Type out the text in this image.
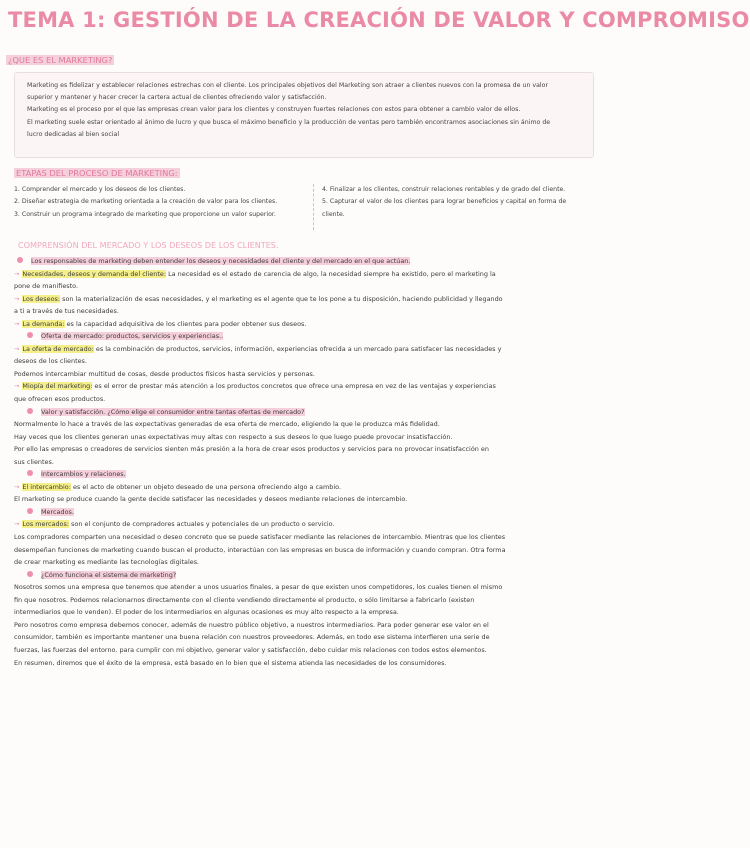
TEMA 1: GESTIÓN DE LA CREACIÓN DE VALOR Y COMPROMISO
¿QUE ES EL MARKETING?

Marketing es fidelizar y establecer relaciones estrechas con el cliente. Los principales objetivos del Marketing son atraer a clientes nuevos con la promesa de un valor

superior y mantener y hacer crecer la cartera actual de clientes ofreciendo valor y satisfacción.

Marketing es el proceso por el que las empresas crean valor para los clientes y construyen fuertes relaciones con estos para obtener a cambio valor de ellos.

El marketing suele estar orientado al ánimo de lucro y que busca el máximo beneficio y la producción de ventas pero también encontramos asociaciones sin ánimo de

lucro dedicadas al bien social

ETAPAS DEL PROCESO DE MARKETING:
1. Comprender el mercado y los deseos de los clientes.
2. Diseñar estrategia de marketing orientada a la creación de valor para los clientes.
3. Construir un programa integrado de marketing que proporcione un valor superior.
4. Finalizar a los clientes, construir relaciones rentables y de grado del cliente.
5. Capturar el valor de los clientes para lograr beneficios y capital en forma de
cliente.
COMPRENSIÓN DEL MERCADO Y LOS DESEOS DE LOS CLIENTES.
Los responsables de marketing deben entender los deseos y necesidades del cliente y del mercado en el que actúan.
→ Necesidades, deseos y demanda del cliente: La necesidad es el estado de carencia de algo, la necesidad siempre ha existido, pero el marketing la
pone de manifiesto.
→ Los deseos: son la materialización de esas necesidades, y el marketing es el agente que te los pone a tu disposición, haciendo publicidad y llegando
a ti a través de tus necesidades.
→ La demanda: es la capacidad adquisitiva de los clientes para poder obtener sus deseos.
Oferta de mercado: productos, servicios y experiencias..
→ La oferta de mercado: es la combinación de productos, servicios, información, experiencias ofrecida a un mercado para satisfacer las necesidades y
deseos de los clientes.
Podemos intercambiar multitud de cosas, desde productos físicos hasta servicios y personas.
→ Miopía del marketing: es el error de prestar más atención a los productos concretos que ofrece una empresa en vez de las ventajas y experiencias
que ofrecen esos productos.
Valor y satisfacción. ¿Cómo elige el consumidor entre tantas ofertas de mercado?
Normalmente lo hace a través de las expectativas generadas de esa oferta de mercado, eligiendo la que le produzca más fidelidad.
Hay veces que los clientes generan unas expectativas muy altas con respecto a sus deseos lo que luego puede provocar insatisfacción.
Por ello las empresas o creadores de servicios sienten más presión a la hora de crear esos productos y servicios para no provocar insatisfacción en
sus clientes.
Intercambios y relaciones.
→ El intercambio: es el acto de obtener un objeto deseado de una persona ofreciendo algo a cambio.
El marketing se produce cuando la gente decide satisfacer las necesidades y deseos mediante relaciones de intercambio.
Mercados.
→ Los mercados: son el conjunto de compradores actuales y potenciales de un producto o servicio.
Los compradores comparten una necesidad o deseo concreto que se puede satisfacer mediante las relaciones de intercambio. Mientras que los clientes
desempeñan funciones de marketing cuando buscan el producto, interactúan con las empresas en busca de información y cuando compran. Otra forma
de crear marketing es mediante las tecnologías digitales.
¿Cómo funciona el sistema de marketing?
Nosotros somos una empresa que tenemos que atender a unos usuarios finales, a pesar de que existen unos competidores, los cuales tienen el mismo
fin que nosotros. Podemos relacionarnos directamente con el cliente vendiendo directamente el producto, o sólo limitarse a fabricarlo (existen
intermediarios que lo venden). El poder de los intermediarios en algunas ocasiones es muy alto respecto a la empresa.
Pero nosotros como empresa debemos conocer, además de nuestro público objetivo, a nuestros intermediarios. Para poder generar ese valor en el
consumidor, también es importante mantener una buena relación con nuestros proveedores. Además, en todo ese sistema interfieren una serie de
fuerzas, las fuerzas del entorno. para cumplir con mi objetivo, generar valor y satisfacción, debo cuidar mis relaciones con todos estos elementos.
En resumen, diremos que el éxito de la empresa, está basado en lo bien que el sistema atienda las necesidades de los consumidores.
